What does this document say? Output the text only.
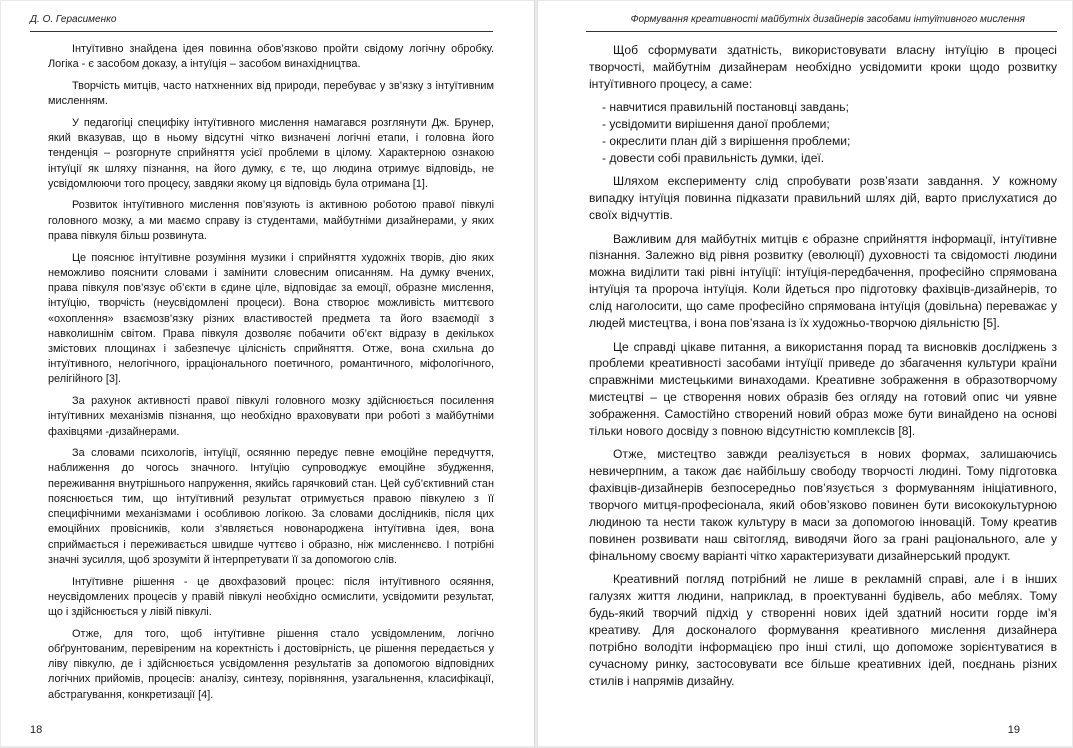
Д. О. Герасименко

Інтуїтивно знайдена ідея повинна обов’язково пройти свідому логічну обробку. Логіка - є засобом доказу, а інтуїція – засобом винахідництва.

Творчість митців, часто натхненних від природи, перебуває у зв’язку з інтуїтивним мисленням.

У педагогіці специфіку інтуїтивного мислення намагався розглянути Дж. Брунер, який вказував, що в ньому відсутні чітко визначені логічні етапи, і головна його тенденція – розгорнуте сприйняття усієї проблеми в цілому. Характерною ознакою інтуїції як шляху пізнання, на його думку, є те, що людина отримує відповідь, не усвідомлюючи того процесу, завдяки якому ця відповідь була отримана [1].

Розвиток інтуїтивного мислення пов’язують із активною роботою правої півкулі головного мозку, а ми маємо справу із студентами, майбутніми дизайнерами, у яких права півкуля більш розвинута.

Це пояснює інтуїтивне розуміння музики і сприйняття художніх творів, дію яких неможливо пояснити словами і замінити словесним описанням. На думку вчених, права півкуля пов’язує об’єкти в єдине ціле, відповідає за емоції, образне мислення, інтуїцію, творчість (неусвідомлені процеси). Вона створює можливість миттєвого «охоплення» взаємозв’язку різних властивостей предмета та його взаємодії з навколишнім світом. Права півкуля дозволяє побачити об’єкт відразу в декількох змістових площинах і забезпечує цілісність сприйняття. Отже, вона схильна до інтуїтивного, нелогічного, ірраціонального поетичного, романтичного, міфологічного, релігійного [3].

За рахунок активності правої півкулі головного мозку здійснюється посилення інтуїтивних механізмів пізнання, що необхідно враховувати при роботі з майбутніми фахівцями -дизайнерами.

За словами психологів, інтуїції, осяянню передує певне емоційне передчуття, наближення до чогось значного. Інтуїцію супроводжує емоційне збудження, переживання внутрішнього напруження, якийсь гарячковий стан. Цей суб’єктивний стан пояснюється тим, що інтуїтивний результат отримується правою півкулею з її специфічними механізмами і особливою логікою. За словами дослідників, після цих емоційних провісників, коли з’являється новонароджена інтуїтивна ідея, вона сприймається і переживається швидше чуттєво і образно, ніж мисленнєво. І потрібні значні зусилля, щоб зрозуміти й інтерпретувати її за допомогою слів.

Інтуїтивне рішення - це двохфазовий процес: після інтуїтивного осяяння, неусвідомлених процесів у правій півкулі необхідно осмислити, усвідомити результат, що і здійснюється у лівій півкулі.

Отже, для того, щоб інтуїтивне рішення стало усвідомленим, логічно обґрунтованим, перевіреним на коректність і достовірність, це рішення передається у ліву півкулю, де і здійснюється усвідомлення результатів за допомогою відповідних логічних прийомів, процесів: аналізу, синтезу, порівняння, узагальнення, класифікації, абстрагування, конкретизації [4].

18
Формування креативності майбутніх дизайнерів засобами інтуїтивного мислення

Щоб сформувати здатність, використовувати власну інтуїцію в процесі творчості, майбутнім дизайнерам необхідно усвідомити кроки щодо розвитку інтуїтивного процесу, а саме:

- навчитися правильній постановці завдань;

- усвідомити вирішення даної проблеми;

- окреслити план дій з вирішення проблеми;

- довести собі правильність думки, ідеї.

Шляхом експерименту слід спробувати розв’язати завдання. У кожному випадку інтуїція повинна підказати правильний шлях дій, варто прислухатися до своїх відчуттів.

Важливим для майбутніх митців є образне сприйняття інформації, інтуїтивне пізнання. Залежно від рівня розвитку (еволюції) духовності та свідомості людини можна виділити такі рівні інтуїції: інтуїція-передбачення, професійно спрямована інтуїція та пророча інтуїція. Коли йдеться про підготовку фахівців-дизайнерів, то слід наголосити, що саме професійно спрямована інтуїція (довільна) переважає у людей мистецтва, і вона пов’язана із їх художньо-творчою діяльністю [5].

Це справді цікаве питання, а використання порад та висновків досліджень з проблеми креативності засобами інтуїції приведе до збагачення культури країни справжніми мистецькими винаходами. Креативне зображення в образотворчому мистецтві – це створення нових образів без огляду на готовий опис чи уявне зображення. Самостійно створений новий образ може бути винайдено на основі тільки нового досвіду з повною відсутністю комплексів [8].

Отже, мистецтво завжди реалізується в нових формах, залишаючись невичерпним, а також дає найбільшу свободу творчості людині. Тому підготовка фахівців-дизайнерів безпосередньо пов’язується з формуванням ініціативного, творчого митця-професіонала, який обов’язково повинен бути висококультурною людиною та нести також культуру в маси за допомогою інновацій. Тому креатив повинен розвивати наш світогляд, виводячи його за грані раціонального, але у фінальному своєму варіанті чітко характеризувати дизайнерський продукт.

Креативний погляд потрібний не лише в рекламній справі, але і в інших галузях життя людини, наприклад, в проектуванні будівель, або меблях. Тому будь-який творчий підхід у створенні нових ідей здатний носити горде ім’я креативу. Для досконалого формування креативного мислення дизайнера потрібно володіти інформацією про інші стилі, що допоможе зорієнтуватися в сучасному ринку, застосовувати все більше креативних ідей, поєднань різних стилів і напрямів дизайну.

19
